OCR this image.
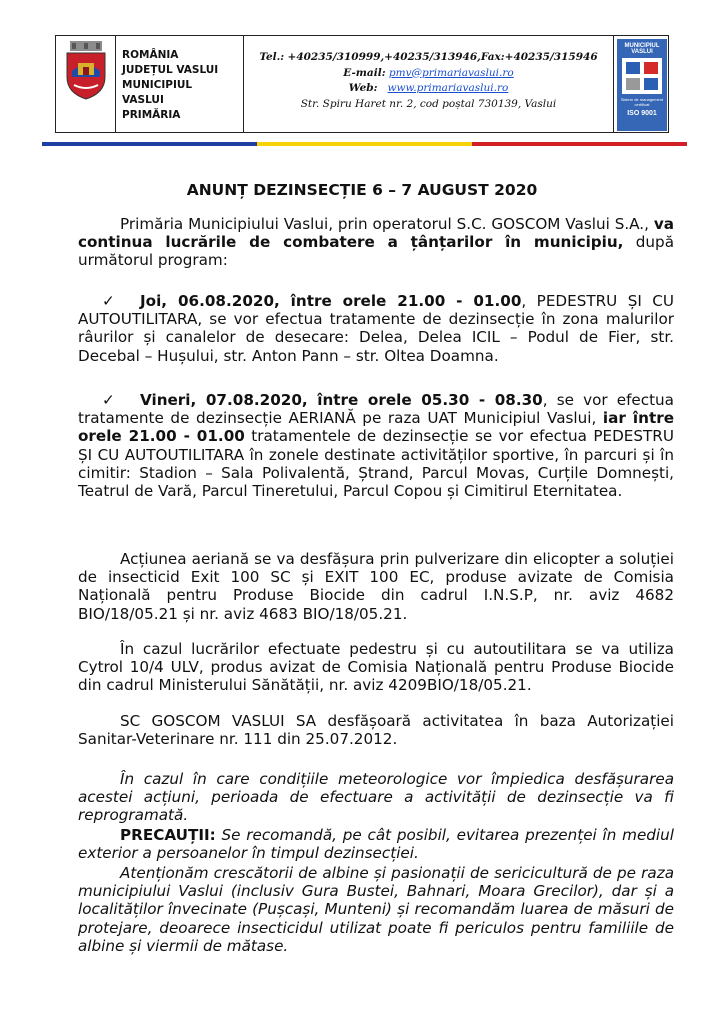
ROMÂNIA
JUDEȚUL VASLUI
MUNICIPIUL
VASLUI
PRIMĂRIA
Tel.: +40235/310999,+40235/313946,Fax:+40235/315946
E-mail: pmv@primariavaslui.ro
Web: www.primariavaslui.ro
Str. Spiru Haret nr. 2, cod poștal 730139, Vaslui
MUNICIPIUL VASLUI
Sistem de management certificat
ISO 9001
ANUNȚ DEZINSECȚIE 6 – 7 AUGUST 2020

Primăria Municipiului Vaslui, prin operatorul S.C. GOSCOM Vaslui S.A., va continua lucrările de combatere a țânțarilor în municipiu, după următorul program:

✓ Joi, 06.08.2020, între orele 21.00 - 01.00, PEDESTRU ȘI CU AUTOUTILITARA, se vor efectua tratamente de dezinsecție în zona malurilor râurilor și canalelor de desecare: Delea, Delea ICIL – Podul de Fier, str. Decebal – Hușului, str. Anton Pann – str. Oltea Doamna.

✓ Vineri, 07.08.2020, între orele 05.30 - 08.30, se vor efectua tratamente de dezinsecție AERIANĂ pe raza UAT Municipiul Vaslui, iar între orele 21.00 - 01.00 tratamentele de dezinsecție se vor efectua PEDESTRU ȘI CU AUTOUTILITARA în zonele destinate activităților sportive, în parcuri și în cimitir: Stadion – Sala Polivalentă, Ștrand, Parcul Movas, Curțile Domnești, Teatrul de Vară, Parcul Tineretului, Parcul Copou și Cimitirul Eternitatea.

Acțiunea aeriană se va desfășura prin pulverizare din elicopter a soluției de insecticid Exit 100 SC și EXIT 100 EC, produse avizate de Comisia Națională pentru Produse Biocide din cadrul I.N.S.P, nr. aviz 4682 BIO/18/05.21 și nr. aviz 4683 BIO/18/05.21.

În cazul lucrărilor efectuate pedestru și cu autoutilitara se va utiliza Cytrol 10/4 ULV, produs avizat de Comisia Națională pentru Produse Biocide din cadrul Ministerului Sănătății, nr. aviz 4209BIO/18/05.21.

SC GOSCOM VASLUI SA desfășoară activitatea în baza Autorizației Sanitar-Veterinare nr. 111 din 25.07.2012.

În cazul în care condițiile meteorologice vor împiedica desfășurarea acestei acțiuni, perioada de efectuare a activității de dezinsecție va fi reprogramată.

PRECAUȚII: Se recomandă, pe cât posibil, evitarea prezenței în mediul exterior a persoanelor în timpul dezinsecției.

Atenționăm crescătorii de albine și pasionații de sericicultură de pe raza municipiului Vaslui (inclusiv Gura Bustei, Bahnari, Moara Grecilor), dar și a localităților învecinate (Pușcași, Munteni) și recomandăm luarea de măsuri de protejare, deoarece insecticidul utilizat poate fi periculos pentru familiile de albine și viermii de mătase.
